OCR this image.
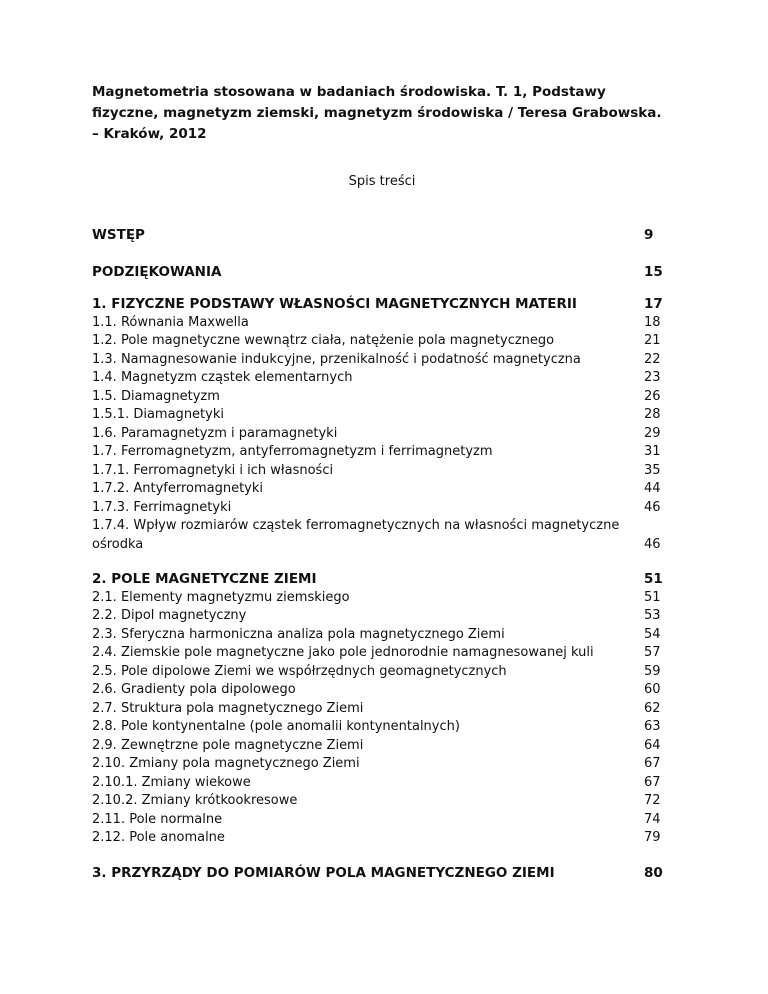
Magnetometria stosowana w badaniach środowiska. T. 1, Podstawy fizyczne, magnetyzm ziemski, magnetyzm środowiska / Teresa Grabowska. – Kraków, 2012
Spis treści
WSTĘP	9
PODZIĘKOWANIA	15
1. FIZYCZNE PODSTAWY WŁASNOŚCI MAGNETYCZNYCH MATERII	17
1.1. Równania Maxwella	18
1.2. Pole magnetyczne wewnątrz ciała, natężenie pola magnetycznego	21
1.3. Namagnesowanie indukcyjne, przenikalność i podatność magnetyczna	22
1.4. Magnetyzm cząstek elementarnych	23
1.5. Diamagnetyzm	26
1.5.1. Diamagnetyki	28
1.6. Paramagnetyzm i paramagnetyki	29
1.7. Ferromagnetyzm, antyferromagnetyzm i ferrimagnetyzm	31
1.7.1. Ferromagnetyki i ich własności	35
1.7.2. Antyferromagnetyki	44
1.7.3. Ferrimagnetyki	46
1.7.4. Wpływ rozmiarów cząstek ferromagnetycznych na własności magnetyczne ośrodka	46
2. POLE MAGNETYCZNE ZIEMI	51
2.1. Elementy magnetyzmu ziemskiego	51
2.2. Dipol magnetyczny	53
2.3. Sferyczna harmoniczna analiza pola magnetycznego Ziemi	54
2.4. Ziemskie pole magnetyczne jako pole jednorodnie namagnesowanej kuli	57
2.5. Pole dipolowe Ziemi we współrzędnych geomagnetycznych	59
2.6. Gradienty pola dipolowego	60
2.7. Struktura pola magnetycznego Ziemi	62
2.8. Pole kontynentalne (pole anomalii kontynentalnych)	63
2.9. Zewnętrzne pole magnetyczne Ziemi	64
2.10. Zmiany pola magnetycznego Ziemi	67
2.10.1. Zmiany wiekowe	67
2.10.2. Zmiany krótkookresowe	72
2.11. Pole normalne	74
2.12. Pole anomalne	79
3. PRZYRZĄDY DO POMIARÓW POLA MAGNETYCZNEGO ZIEMI	80
